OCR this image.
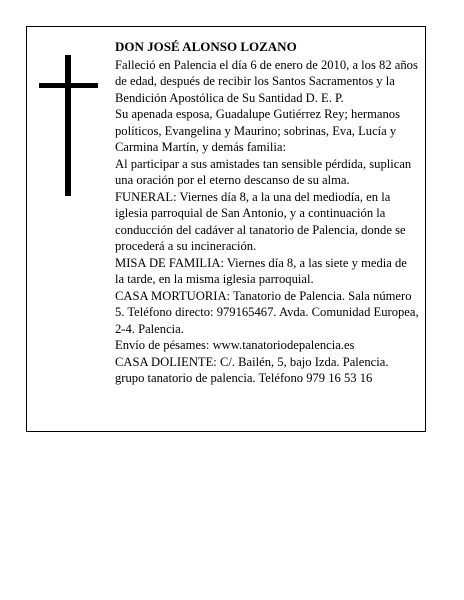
DON JOSÉ ALONSO LOZANO

Falleció en Palencia el día 6 de enero de 2010, a los 82 años de edad, después de recibir los Santos Sacramentos y la Bendición Apostólica de Su Santidad D. E. P.

Su apenada esposa, Guadalupe Gutiérrez Rey; hermanos políticos, Evangelina y Maurino; sobrinas, Eva, Lucía y Carmina Martín, y demás familia:

Al participar a sus amistades tan sensible pérdida, suplican una oración por el eterno descanso de su alma.

FUNERAL: Viernes día 8, a la una del mediodía, en la iglesia parroquial de San Antonio, y a continuación la conducción del cadáver al tanatorio de Palencia, donde se procederá a su incineración.

MISA DE FAMILIA: Viernes día 8, a las siete y media de la tarde, en la misma iglesia parroquial.

CASA MORTUORIA: Tanatorio de Palencia. Sala número 5. Teléfono directo: 979165467. Avda. Comunidad Europea, 2-4. Palencia.

Envío de pésames: www.tanatoriodepalencia.es

CASA DOLIENTE: C/. Bailén, 5, bajo Izda. Palencia. grupo tanatorio de palencia. Teléfono 979 16 53 16
